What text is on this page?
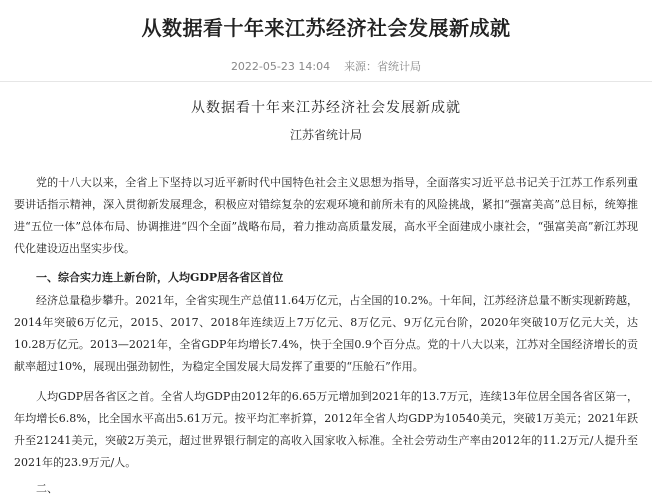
从数据看十年来江苏经济社会发展新成就
2022-05-23 14:04 来源：省统计局
从数据看十年来江苏经济社会发展新成就
江苏省统计局

党的十八大以来，全省上下坚持以习近平新时代中国特色社会主义思想为指导，全面落实习近平总书记关于江苏工作系列重要讲话指示精神，深入贯彻新发展理念，积极应对错综复杂的宏观环境和前所未有的风险挑战，紧扣“强富美高”总目标，统筹推进“五位一体”总体布局、协调推进“四个全面”战略布局，着力推动高质量发展，高水平全面建成小康社会，“强富美高”新江苏现代化建设迈出坚实步伐。

一、综合实力连上新台阶，人均GDP居各省区首位

经济总量稳步攀升。2021年，全省实现生产总值11.64万亿元，占全国的10.2%。十年间，江苏经济总量不断实现新跨越，2014年突破6万亿元，2015、2017、2018年连续迈上7万亿元、8万亿元、9万亿元台阶，2020年突破10万亿元大关，达10.28万亿元。2013—2021年，全省GDP年均增长7.4%，快于全国0.9个百分点。党的十八大以来，江苏对全国经济增长的贡献率超过10%，展现出强劲韧性，为稳定全国发展大局发挥了重要的“压舱石”作用。

人均GDP居各省区之首。全省人均GDP由2012年的6.65万元增加到2021年的13.7万元，连续13年位居全国各省区第一，年均增长6.8%，比全国水平高出5.61万元。按平均汇率折算，2012年全省人均GDP为10540美元，突破1万美元；2021年跃升至21241美元，突破2万美元，超过世界银行制定的高收入国家收入标准。全社会劳动生产率由2012年的11.2万元/人提升至2021年的23.9万元/人。

二、
